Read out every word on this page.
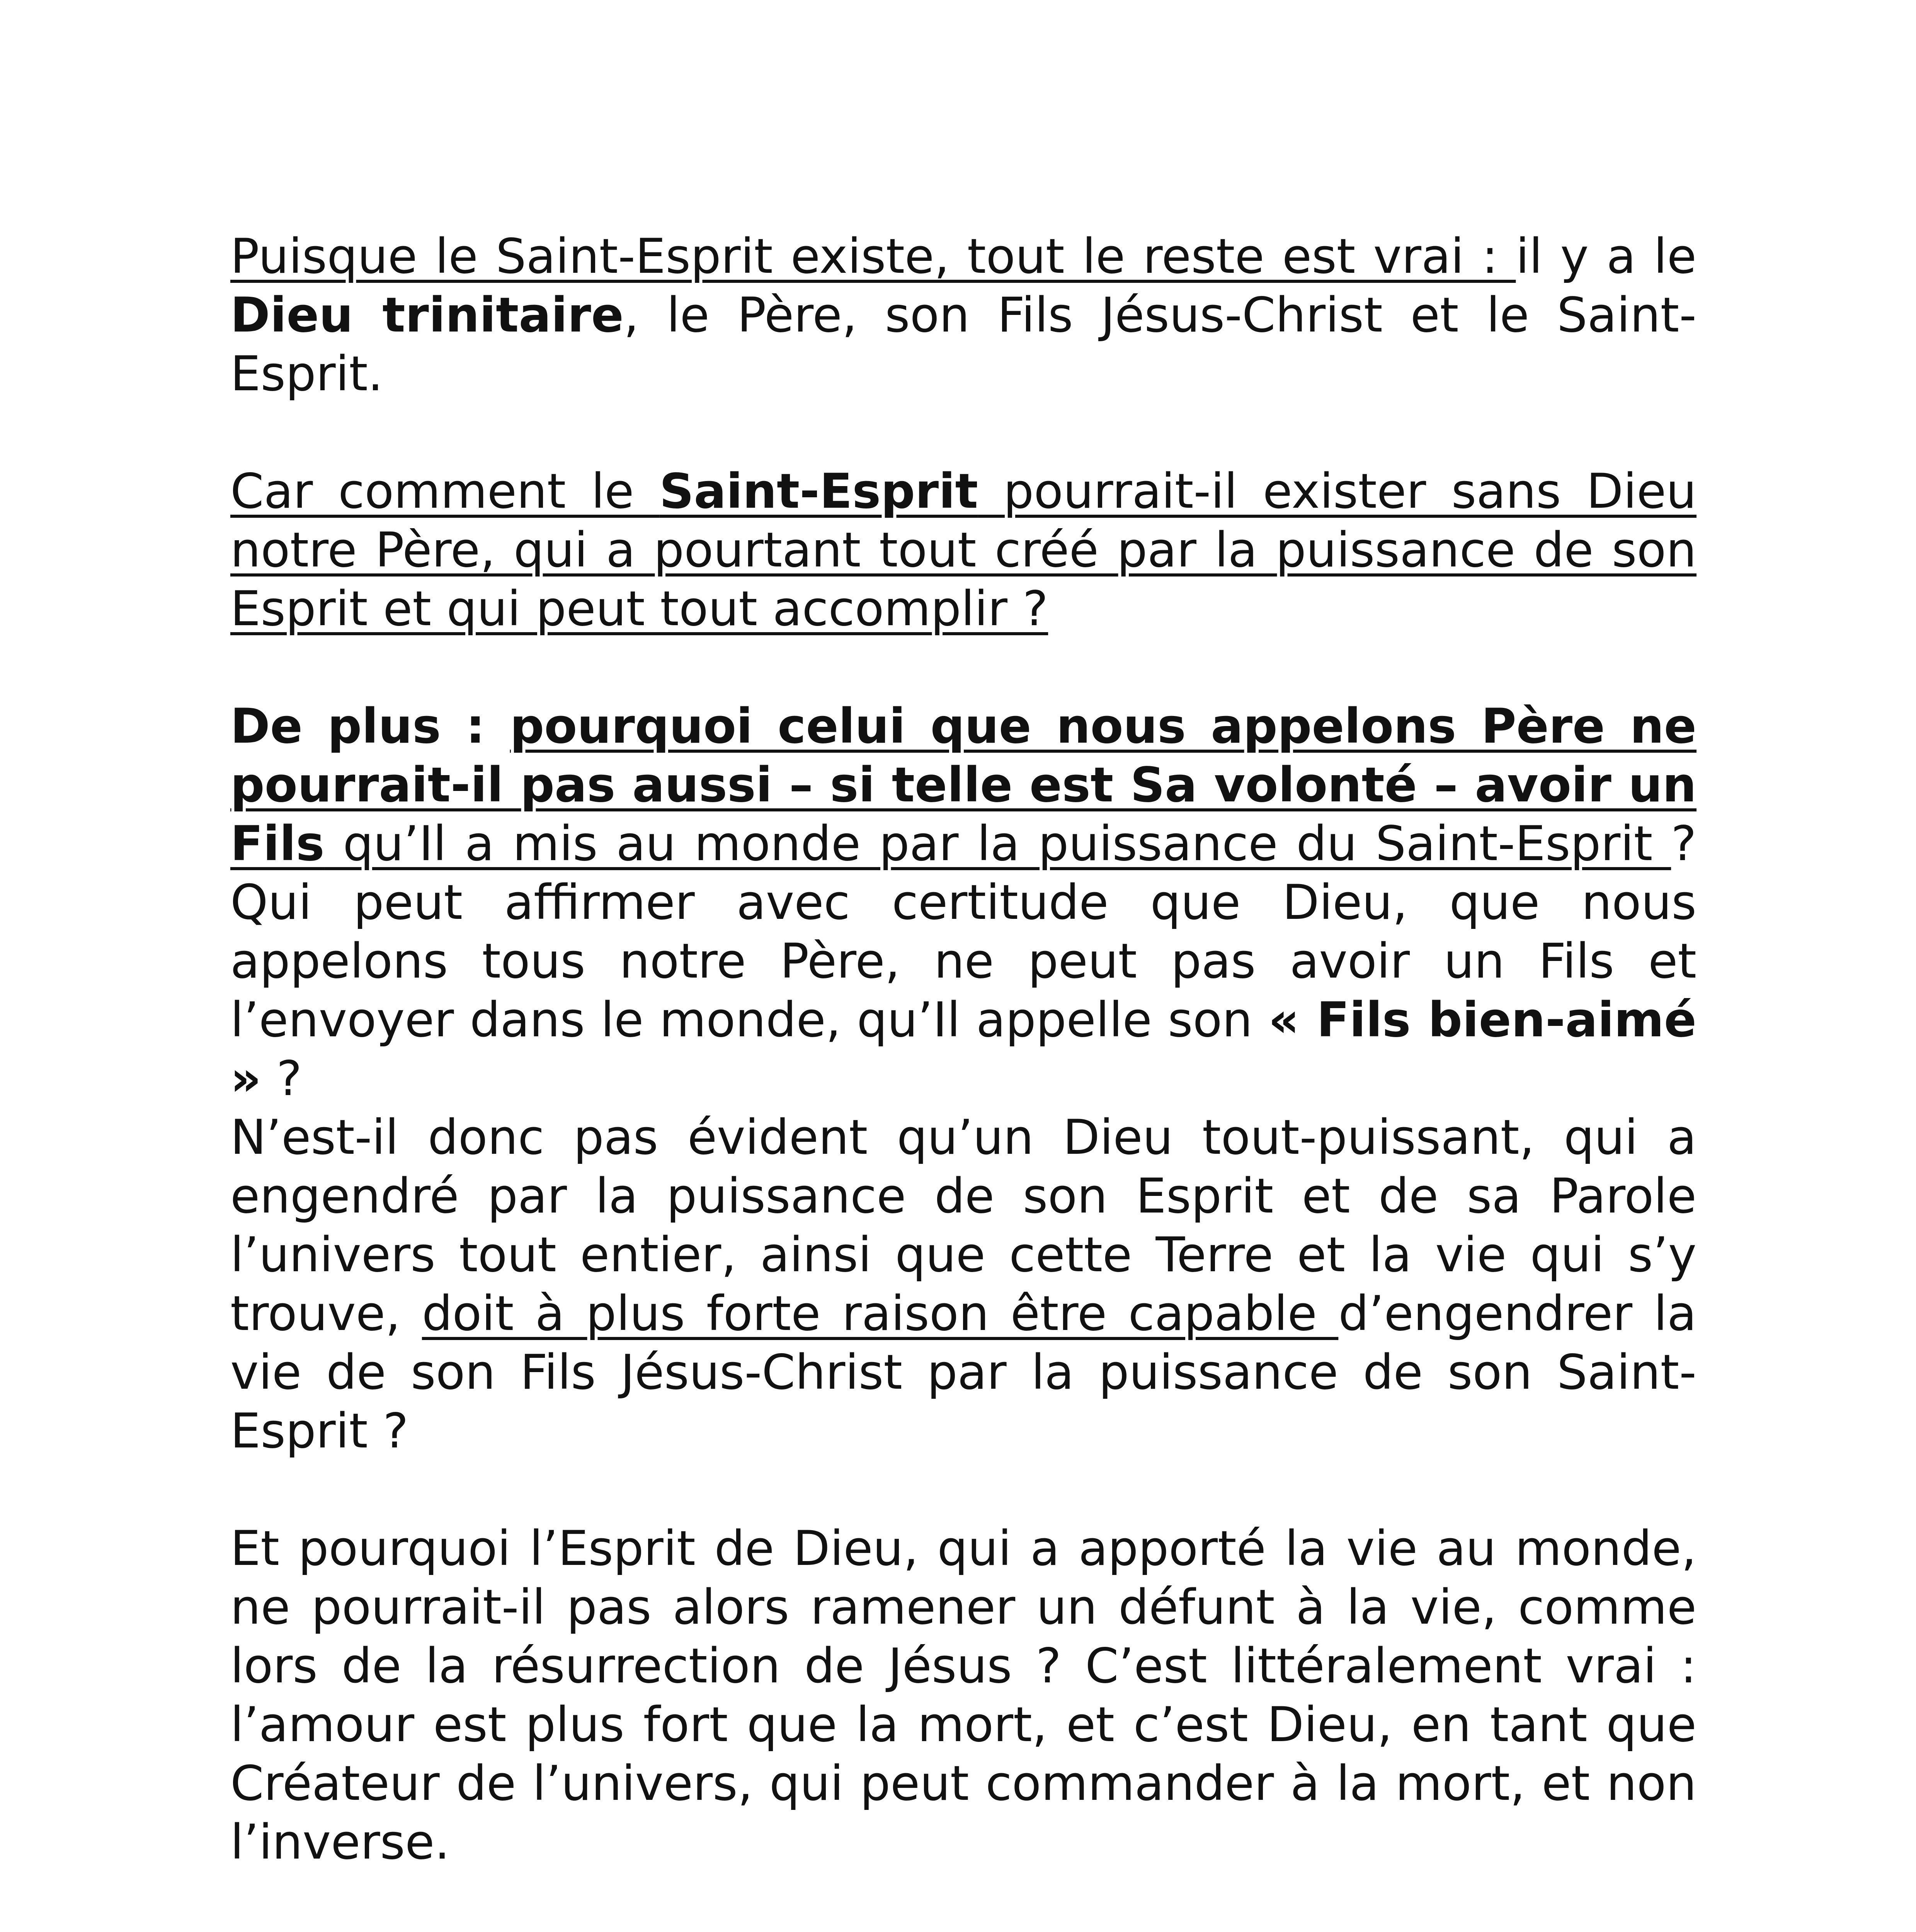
Puisque le Saint-Esprit existe, tout le reste est vrai : il y a le Dieu trinitaire, le Père, son Fils Jésus-Christ et le Saint-Esprit.

Car comment le Saint-Esprit pourrait-il exister sans Dieu notre Père, qui a pourtant tout créé par la puissance de son Esprit et qui peut tout accomplir ?

De plus : pourquoi celui que nous appelons Père ne pourrait-il pas aussi – si telle est Sa volonté – avoir un Fils qu’Il a mis au monde par la puissance du Saint-Esprit ? Qui peut affirmer avec certitude que Dieu, que nous appelons tous notre Père, ne peut pas avoir un Fils et l’envoyer dans le monde, qu’Il appelle son « Fils bien-aimé » ?
N’est-il donc pas évident qu’un Dieu tout-puissant, qui a engendré par la puissance de son Esprit et de sa Parole l’univers tout entier, ainsi que cette Terre et la vie qui s’y trouve, doit à plus forte raison être capable d’engendrer la vie de son Fils Jésus-Christ par la puissance de son Saint-Esprit ?

Et pourquoi l’Esprit de Dieu, qui a apporté la vie au monde, ne pourrait-il pas alors ramener un défunt à la vie, comme lors de la résurrection de Jésus ? C’est littéralement vrai : l’amour est plus fort que la mort, et c’est Dieu, en tant que Créateur de l’univers, qui peut commander à la mort, et non l’inverse.
